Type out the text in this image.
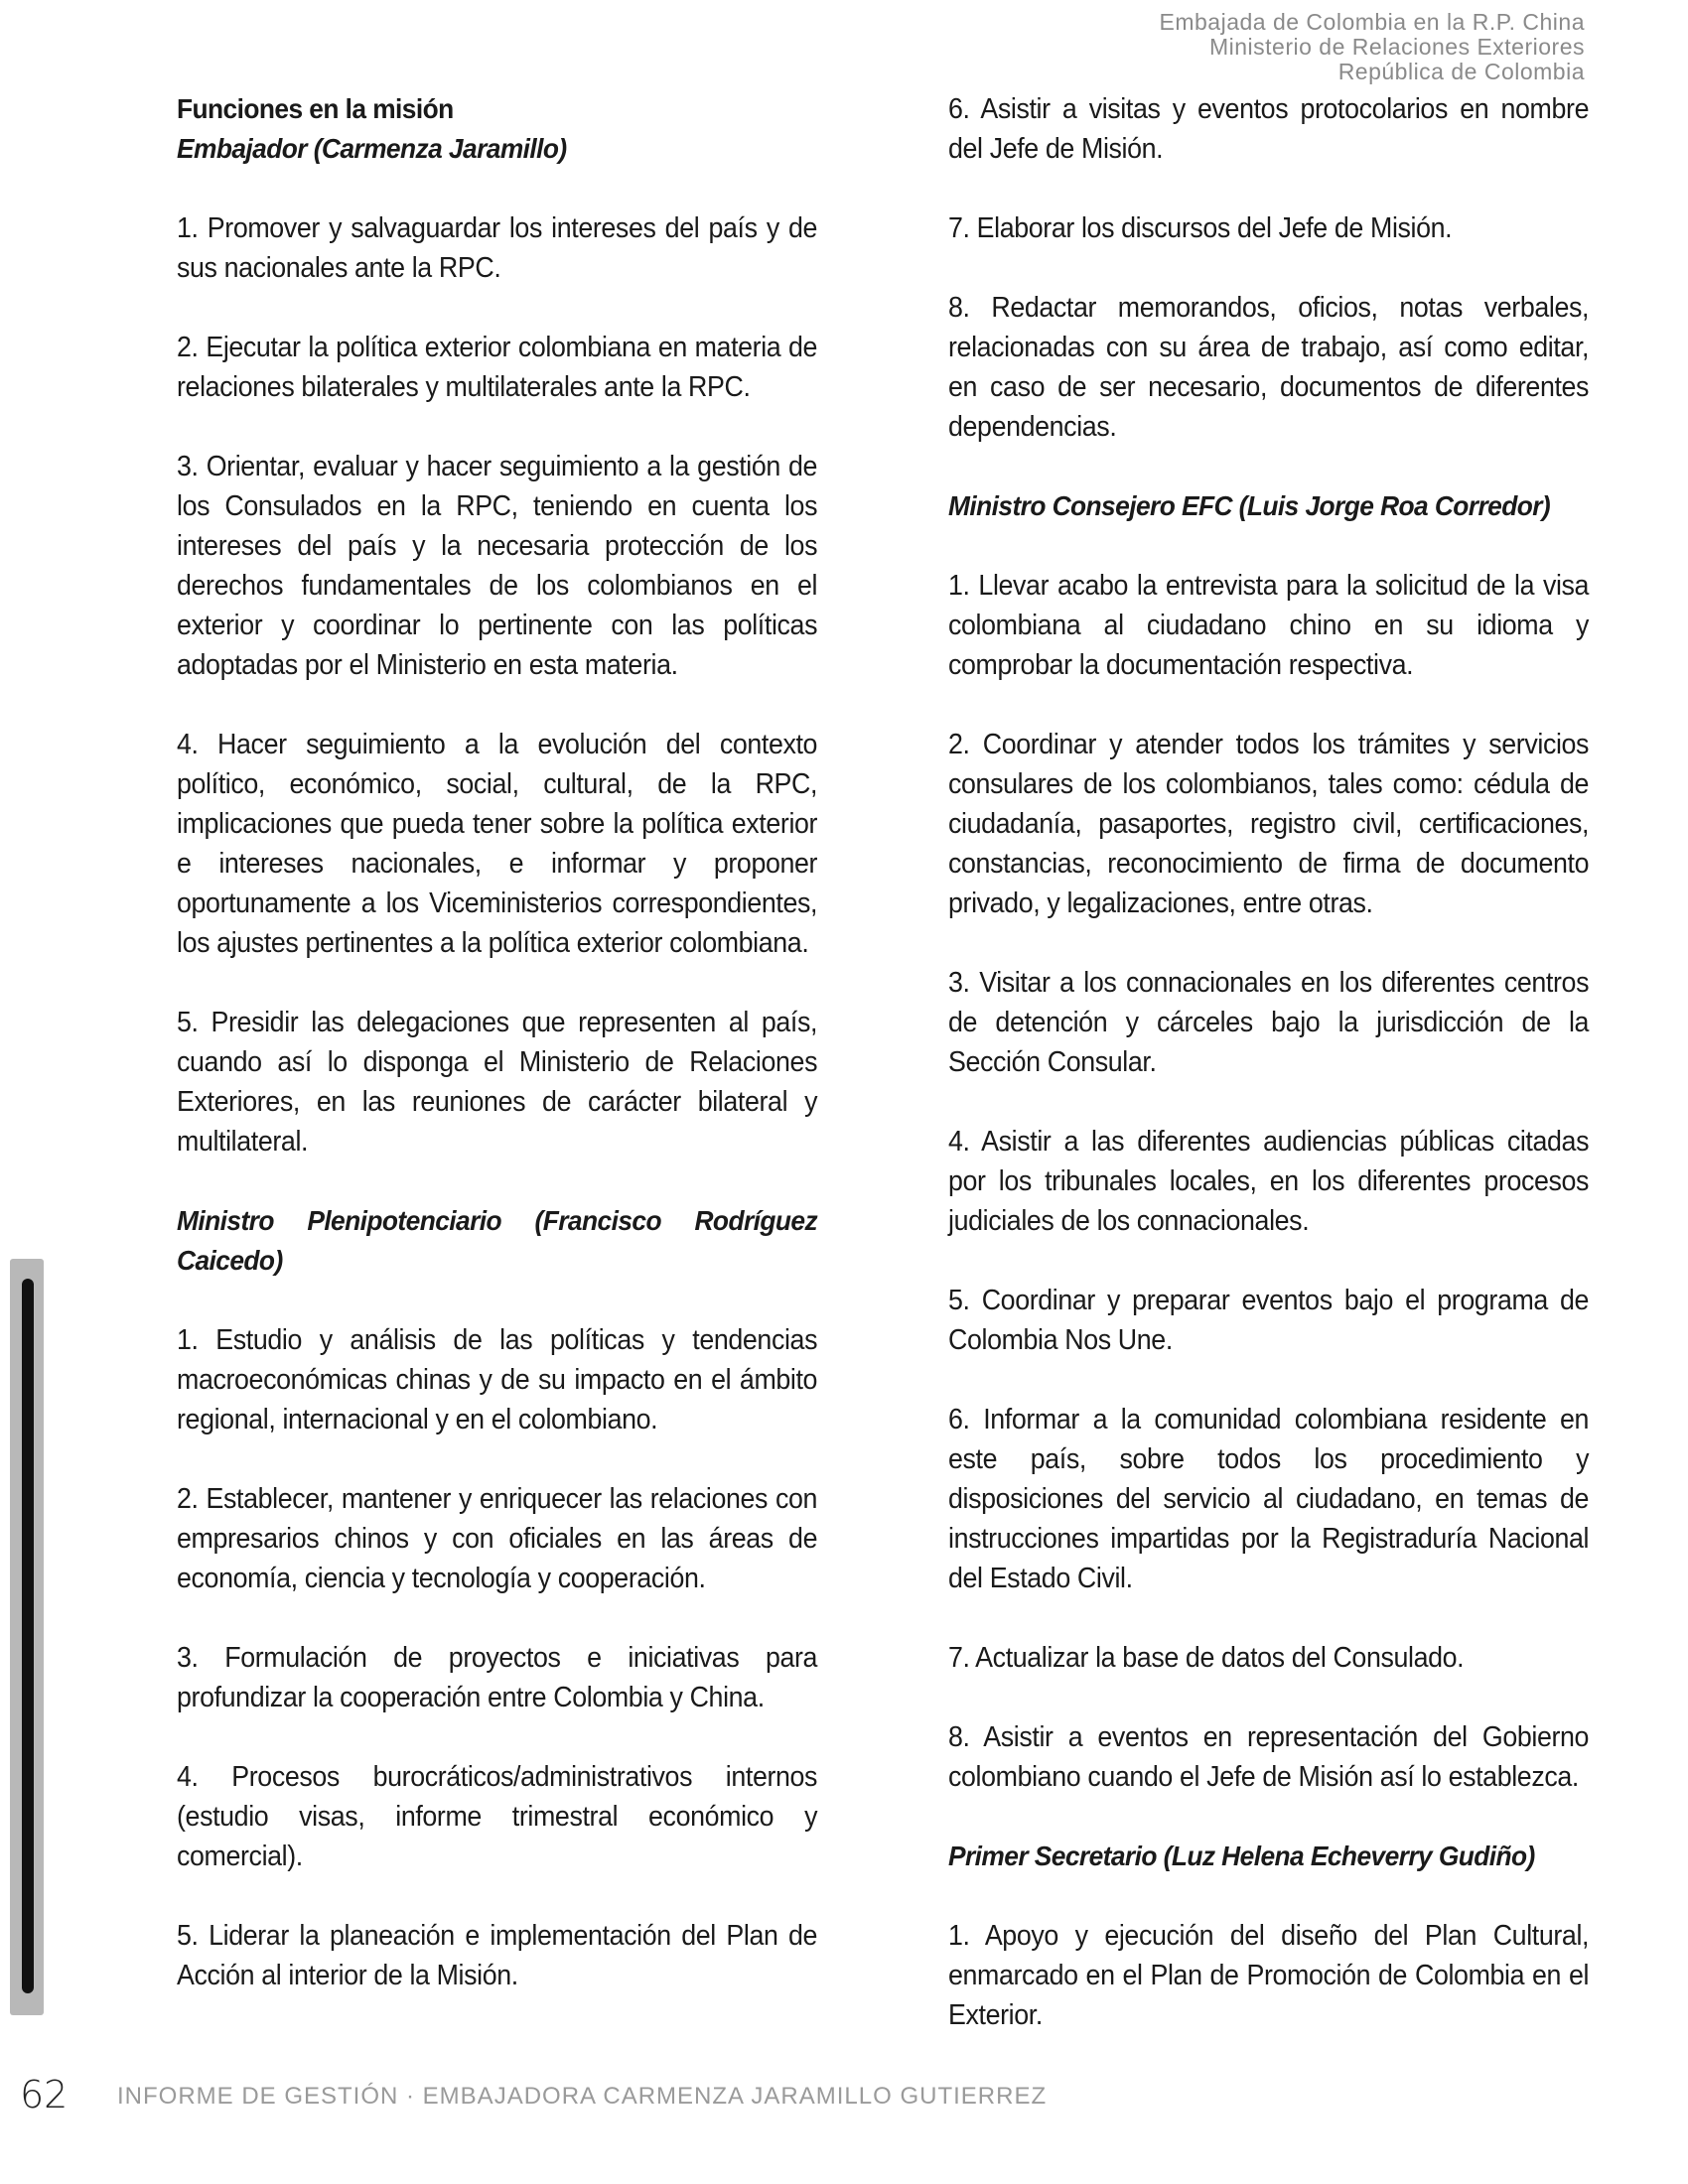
Embajada de Colombia en la R.P. China
Ministerio de Relaciones Exteriores
República de Colombia
Funciones en la misión
Embajador (Carmenza Jaramillo)

1. Promover y salvaguardar los intereses del país y de sus nacionales ante la RPC.

2. Ejecutar la política exterior colombiana en materia de relaciones bilaterales y multilaterales ante la RPC.

3. Orientar, evaluar y hacer seguimiento a la gestión de los Consulados en la RPC, teniendo en cuenta los intereses del país y la necesaria protección de los derechos fundamentales de los colombianos en el exterior y coordinar lo pertinente con las políticas adoptadas por el Ministerio en esta materia.

4. Hacer seguimiento a la evolución del contexto político, económico, social, cultural, de la RPC, implicaciones que pueda tener sobre la política exterior e intereses nacionales, e informar y proponer oportunamente a los Viceministerios correspondientes, los ajustes pertinentes a la política exterior colombiana.

5. Presidir las delegaciones que representen al país, cuando así lo disponga el Ministerio de Relaciones Exteriores, en las reuniones de carácter bilateral y multilateral.

Ministro Plenipotenciario (Francisco Rodríguez Caicedo)

1. Estudio y análisis de las políticas y tendencias macroeconómicas chinas y de su impacto en el ámbito regional, internacional y en el colombiano.

2. Establecer, mantener y enriquecer las relaciones con empresarios chinos y con oficiales en las áreas de economía, ciencia y tecnología y cooperación.

3. Formulación de proyectos e iniciativas para profundizar la cooperación entre Colombia y China.

4. Procesos burocráticos/administrativos internos (estudio visas, informe trimestral económico y comercial).

5. Liderar la planeación e implementación del Plan de Acción al interior de la Misión.

6. Asistir a visitas y eventos protocolarios en nombre del Jefe de Misión.

7. Elaborar los discursos del Jefe de Misión.

8. Redactar memorandos, oficios, notas verbales, relacionadas con su área de trabajo, así como editar, en caso de ser necesario, documentos de diferentes dependencias.

Ministro Consejero EFC (Luis Jorge Roa Corredor)

1. Llevar acabo la entrevista para la solicitud de la visa colombiana al ciudadano chino en su idioma y comprobar la documentación respectiva.

2. Coordinar y atender todos los trámites y servicios consulares de los colombianos, tales como: cédula de ciudadanía, pasaportes, registro civil, certificaciones, constancias, reconocimiento de firma de documento privado, y legalizaciones, entre otras.

3. Visitar a los connacionales en los diferentes centros de detención y cárceles bajo la jurisdicción de la Sección Consular.

4. Asistir a las diferentes audiencias públicas citadas por los tribunales locales, en los diferentes procesos judiciales de los connacionales.

5. Coordinar y preparar eventos bajo el programa de Colombia Nos Une.

6. Informar a la comunidad colombiana residente en este país, sobre todos los procedimiento y disposiciones del servicio al ciudadano, en temas de instrucciones impartidas por la Registraduría Nacional del Estado Civil.

7. Actualizar la base de datos del Consulado.

8. Asistir a eventos en representación del Gobierno colombiano cuando el Jefe de Misión así lo establezca.

Primer Secretario (Luz Helena Echeverry Gudiño)

1. Apoyo y ejecución del diseño del Plan Cultural, enmarcado en el Plan de Promoción de Colombia en el Exterior.

62 INFORME DE GESTIÓN · EMBAJADORA CARMENZA JARAMILLO GUTIERREZ
